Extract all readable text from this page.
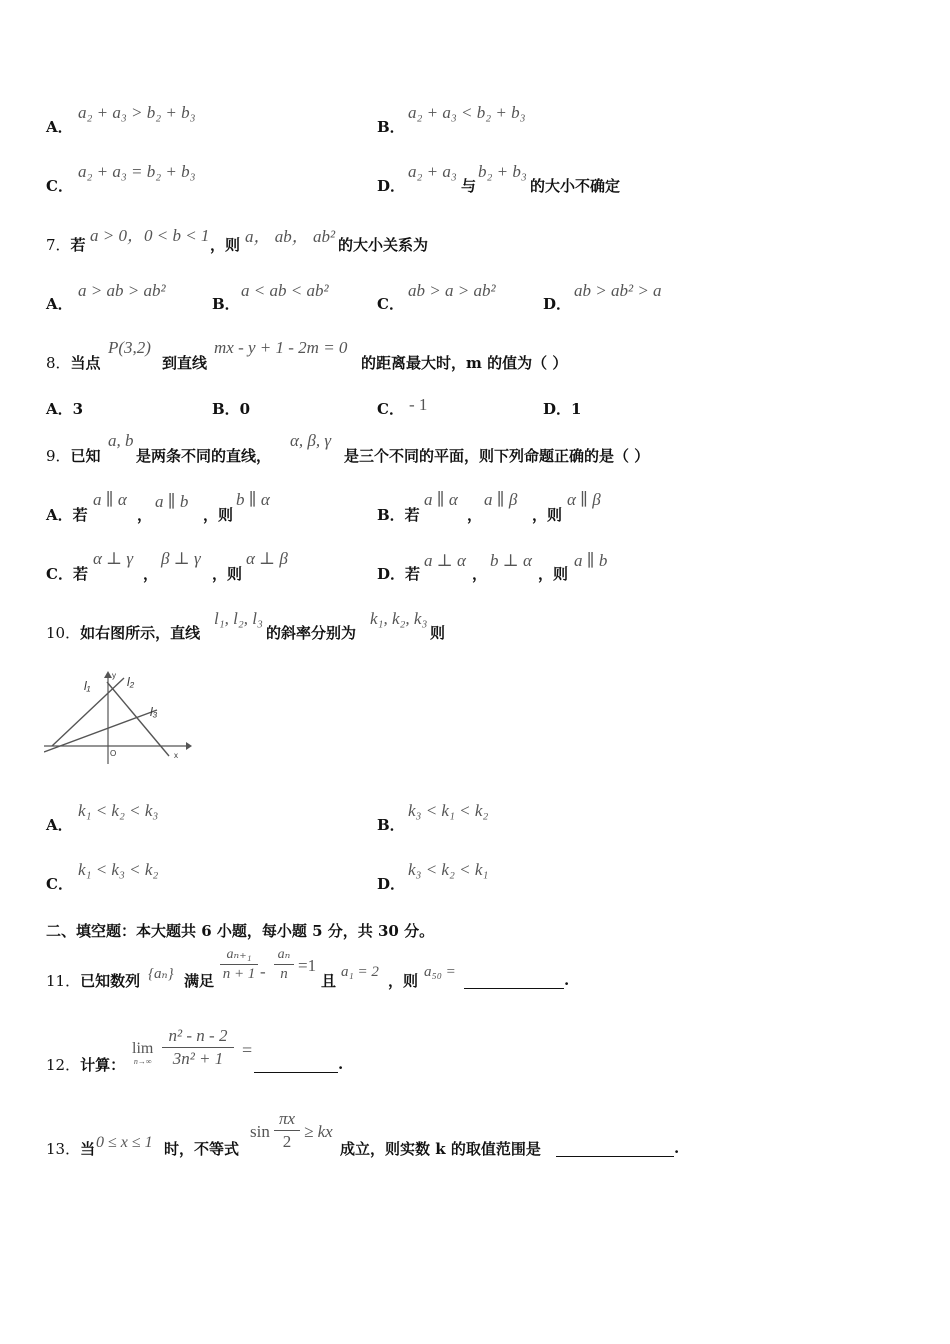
A．
a₂ + a₃ > b₂ + b₃
B．
a₂ + a₃ < b₂ + b₃
C．
a₂ + a₃ = b₂ + b₃
D．
a₂ + a₃
与
b₂ + b₃
的大小不确定
7．若 a > 0，0 < b < 1 ，则 a， ab， ab² 的大小关系为
A．
a > ab > ab²
B．
a < ab < ab²
C．
ab > a > ab²
D．
ab > ab² > a
8．当点
P(3,2)
到直线
mx - y + 1 - 2m = 0
的距离最大时，m 的值为（ ）
A．3	B．0	C． - 1	D．1
9．已知
a, b
是两条不同的直线，
α, β, γ
是三个不同的平面，则下列命题正确的是（ ）
A．若
a ∥ α
，
a ∥ b
，则
b ∥ α
B．若
a ∥ α
，
a ∥ β
，则
α ∥ β
C．若
α ⊥ γ
，
β ⊥ γ
，则
α ⊥ β
D．若
a ⊥ α
，
b ⊥ α
，则
a ∥ b
10．如右图所示，直线
l₁, l₂, l₃
的斜率分别为
k₁, k₂, k₃
则
l₁	l₂
l₃
y
x
O
A．
k₁ < k₂ < k₃
B．
k₃ < k₁ < k₂
C．
k₁ < k₃ < k₂
D．
k₃ < k₂ < k₁
二、填空题：本大题共 6 小题，每小题 5 分，共 30 分。
11．已知数列 {aₙ} 满足
aₙ₊₁
n + 1 -
aₙ
n =1
且 a₁ = 2 ，则 a₅₀ =	.
12．计算：
lim
n→∞
n² - n - 2
3n² + 1	=
.
13．当 0 ≤ x ≤ 1 时，不等式
sin
πx
2
≥ kx
成立，则实数 k 的取值范围是	.
